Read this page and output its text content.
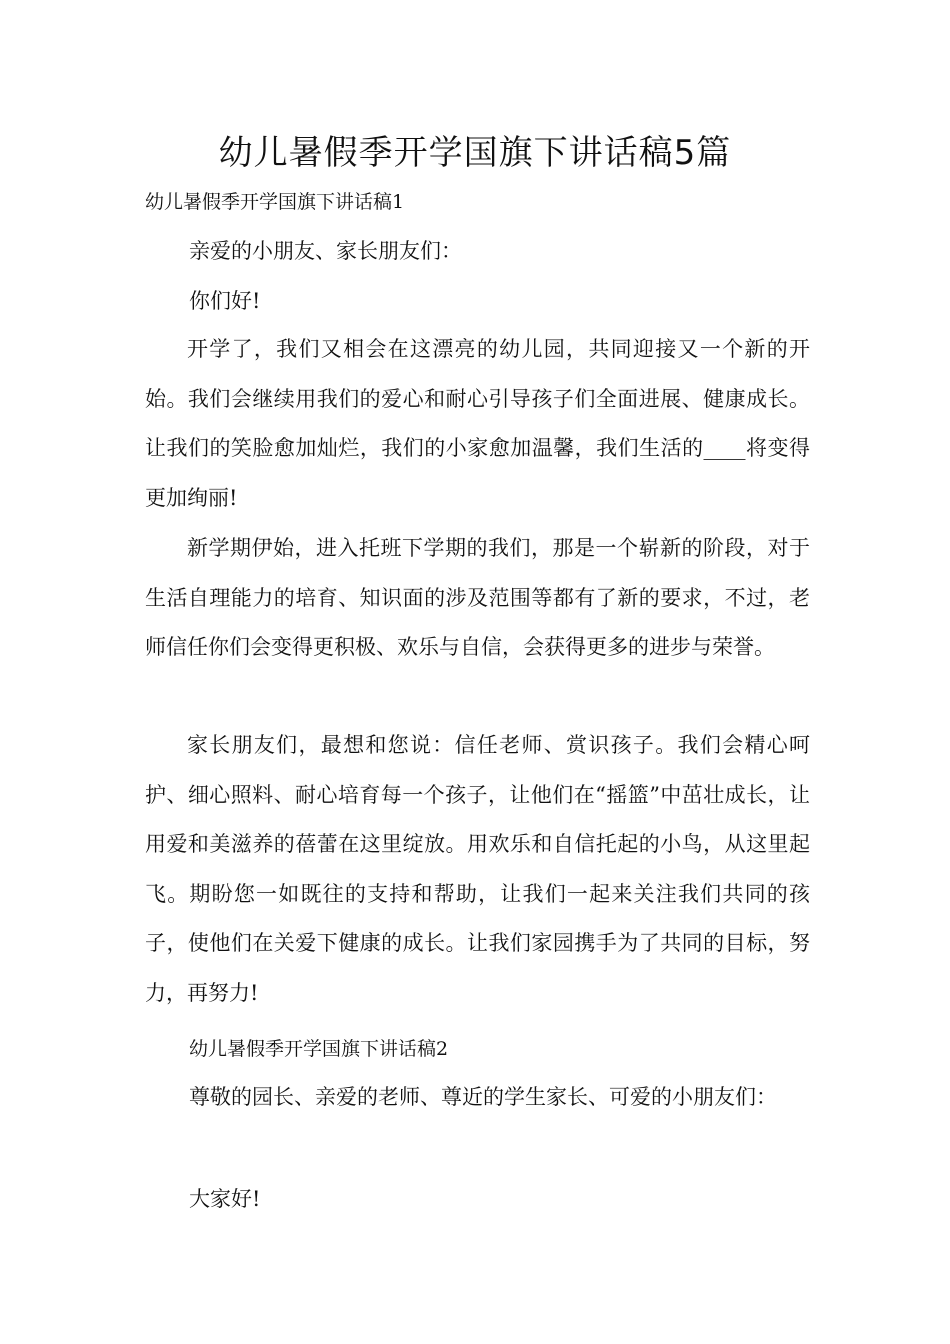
幼儿暑假季开学国旗下讲话稿5篇

幼儿暑假季开学国旗下讲话稿1

亲爱的小朋友、家长朋友们：

你们好!

开学了，我们又相会在这漂亮的幼儿园，共同迎接又一个新的开始。我们会继续用我们的爱心和耐心引导孩子们全面进展、健康成长。让我们的笑脸愈加灿烂，我们的小家愈加温馨，我们生活的____将变得更加绚丽!

新学期伊始，进入托班下学期的我们，那是一个崭新的阶段，对于生活自理能力的培育、知识面的涉及范围等都有了新的要求，不过，老师信任你们会变得更积极、欢乐与自信，会获得更多的进步与荣誉。

家长朋友们，最想和您说：信任老师、赏识孩子。我们会精心呵护、细心照料、耐心培育每一个孩子，让他们在“摇篮”中茁壮成长，让用爱和美滋养的蓓蕾在这里绽放。用欢乐和自信托起的小鸟，从这里起飞。期盼您一如既往的支持和帮助，让我们一起来关注我们共同的孩子，使他们在关爱下健康的成长。让我们家园携手为了共同的目标，努力，再努力!

幼儿暑假季开学国旗下讲话稿2

尊敬的园长、亲爱的老师、尊近的学生家长、可爱的小朋友们：

大家好!
